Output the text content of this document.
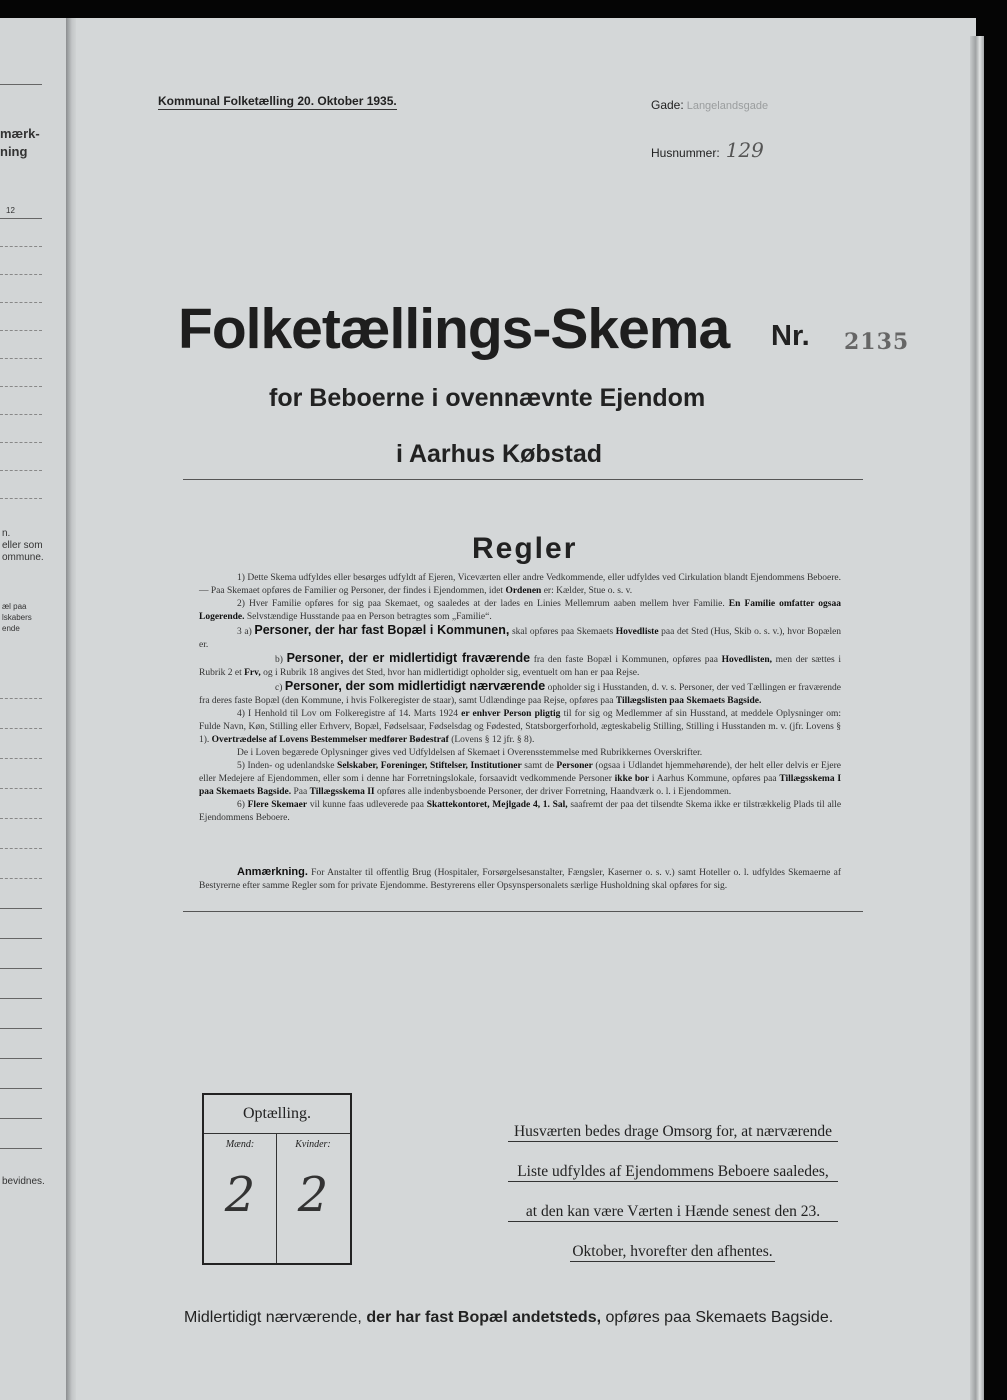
mærk-
ning
12
n.
eller som
ommune.
æl paa
lskabers
ende
bevidnes.
Kommunal Folketælling 20. Oktober 1935.	Gade: Langelandsgade
Husnummer: 129
Folketællings-Skema Nr. 2135
for Beboerne i ovennævnte Ejendom
i Aarhus Købstad
Regler

1) Dette Skema udfyldes eller besørges udfyldt af Ejeren, Viceværten eller andre Vedkommende, eller udfyldes ved Cirkulation blandt Ejendommens Beboere. — Paa Skemaet opføres de Familier og Personer, der findes i Ejendommen, idet Ordenen er: Kælder, Stue o. s. v.

2) Hver Familie opføres for sig paa Skemaet, og saaledes at der lades en Linies Mellemrum aaben mellem hver Familie. En Familie omfatter ogsaa Logerende. Selvstændige Husstande paa en Person betragtes som „Familie“.

3 a) Personer, der har fast Bopæl i Kommunen, skal opføres paa Skemaets Hovedliste paa det Sted (Hus, Skib o. s. v.), hvor Bopælen er.

b) Personer, der er midlertidigt fraværende fra den faste Bopæl i Kommunen, opføres paa Hovedlisten, men der sættes i Rubrik 2 et Frv, og i Rubrik 18 angives det Sted, hvor han midlertidigt opholder sig, eventuelt om han er paa Rejse.

c) Personer, der som midlertidigt nærværende opholder sig i Husstanden, d. v. s. Personer, der ved Tællingen er fraværende fra deres faste Bopæl (den Kommune, i hvis Folkeregister de staar), samt Udlændinge paa Rejse, opføres paa Tillægslisten paa Skemaets Bagside.

4) I Henhold til Lov om Folkeregistre af 14. Marts 1924 er enhver Person pligtig til for sig og Medlemmer af sin Husstand, at meddele Oplysninger om: Fulde Navn, Køn, Stilling eller Erhverv, Bopæl, Fødselsaar, Fødselsdag og Fødested, Statsborgerforhold, ægteskabelig Stilling, Stilling i Husstanden m. v. (jfr. Lovens § 1). Overtrædelse af Lovens Bestemmelser medfører Bødestraf (Lovens § 12 jfr. § 8).

De i Loven begærede Oplysninger gives ved Udfyldelsen af Skemaet i Overensstemmelse med Rubrikkernes Overskrifter.

5) Inden- og udenlandske Selskaber, Foreninger, Stiftelser, Institutioner samt de Personer (ogsaa i Udlandet hjemmehørende), der helt eller delvis er Ejere eller Medejere af Ejendommen, eller som i denne har Forretningslokale, forsaavidt vedkommende Personer ikke bor i Aarhus Kommune, opføres paa Tillægsskema I paa Skemaets Bagside. Paa Tillægsskema II opføres alle indenbysboende Personer, der driver Forretning, Haandværk o. l. i Ejendommen.

6) Flere Skemaer vil kunne faas udleverede paa Skattekontoret, Mejlgade 4, 1. Sal, saafremt der paa det tilsendte Skema ikke er tilstrækkelig Plads til alle Ejendommens Beboere.

Anmærkning. For Anstalter til offentlig Brug (Hospitaler, Forsørgelsesanstalter, Fængsler, Kaserner o. s. v.) samt Hoteller o. l. udfyldes Skemaerne af Bestyrerne efter samme Regler som for private Ejendomme. Bestyrerens eller Opsynspersonalets særlige Husholdning skal opføres for sig.
Optælling.
Mænd:
2
Kvinder:
2
Husværten bedes drage Omsorg for, at nærværende Liste udfyldes af Ejendommens Beboere saaledes, at den kan være Værten i Hænde senest den 23. Oktober, hvorefter den afhentes.
Midlertidigt nærværende, der har fast Bopæl andetsteds, opføres paa Skemaets Bagside.
